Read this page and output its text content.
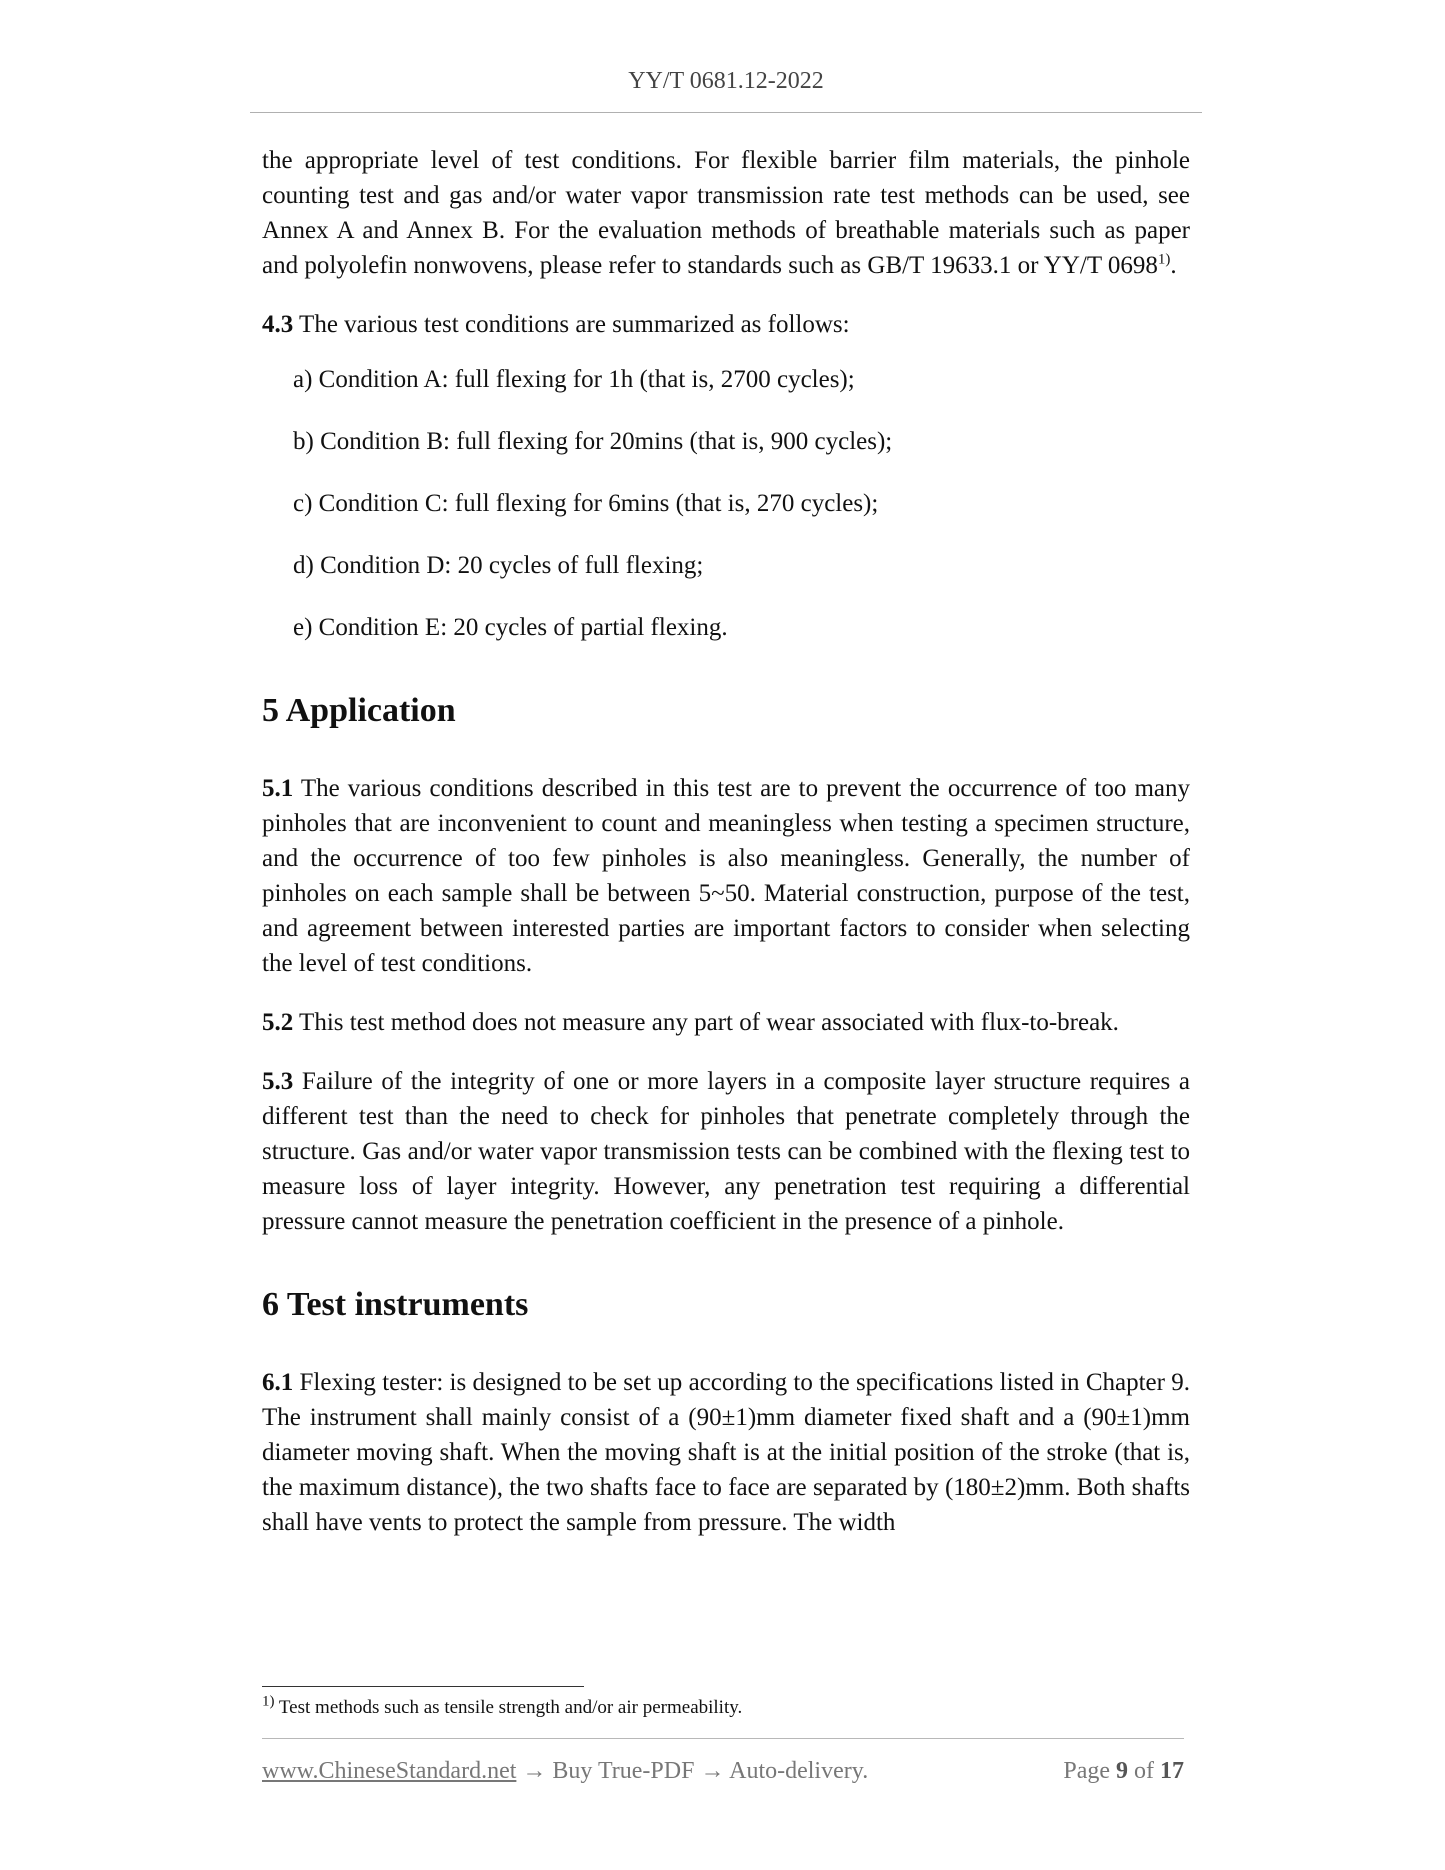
YY/T 0681.12-2022

the appropriate level of test conditions. For flexible barrier film materials, the pinhole counting test and gas and/or water vapor transmission rate test methods can be used, see Annex A and Annex B. For the evaluation methods of breathable materials such as paper and polyolefin nonwovens, please refer to standards such as GB/T 19633.1 or YY/T 0698$^{1)}$.

4.3 The various test conditions are summarized as follows:

a) Condition A: full flexing for 1h (that is, 2700 cycles);

b) Condition B: full flexing for 20mins (that is, 900 cycles);

c) Condition C: full flexing for 6mins (that is, 270 cycles);

d) Condition D: 20 cycles of full flexing;

e) Condition E: 20 cycles of partial flexing.

5 Application

5.1 The various conditions described in this test are to prevent the occurrence of too many pinholes that are inconvenient to count and meaningless when testing a specimen structure, and the occurrence of too few pinholes is also meaningless. Generally, the number of pinholes on each sample shall be between 5~50. Material construction, purpose of the test, and agreement between interested parties are important factors to consider when selecting the level of test conditions.

5.2 This test method does not measure any part of wear associated with flux-to-break.

5.3 Failure of the integrity of one or more layers in a composite layer structure requires a different test than the need to check for pinholes that penetrate completely through the structure. Gas and/or water vapor transmission tests can be combined with the flexing test to measure loss of layer integrity. However, any penetration test requiring a differential pressure cannot measure the penetration coefficient in the presence of a pinhole.

6 Test instruments

6.1 Flexing tester: is designed to be set up according to the specifications listed in Chapter 9. The instrument shall mainly consist of a (90±1)mm diameter fixed shaft and a (90±1)mm diameter moving shaft. When the moving shaft is at the initial position of the stroke (that is, the maximum distance), the two shafts face to face are separated by (180±2)mm. Both shafts shall have vents to protect the sample from pressure. The width

$^{1)}$ Test methods such as tensile strength and/or air permeability.
www.ChineseStandard.net → Buy True-PDF → Auto-delivery.	Page 9 of 17
